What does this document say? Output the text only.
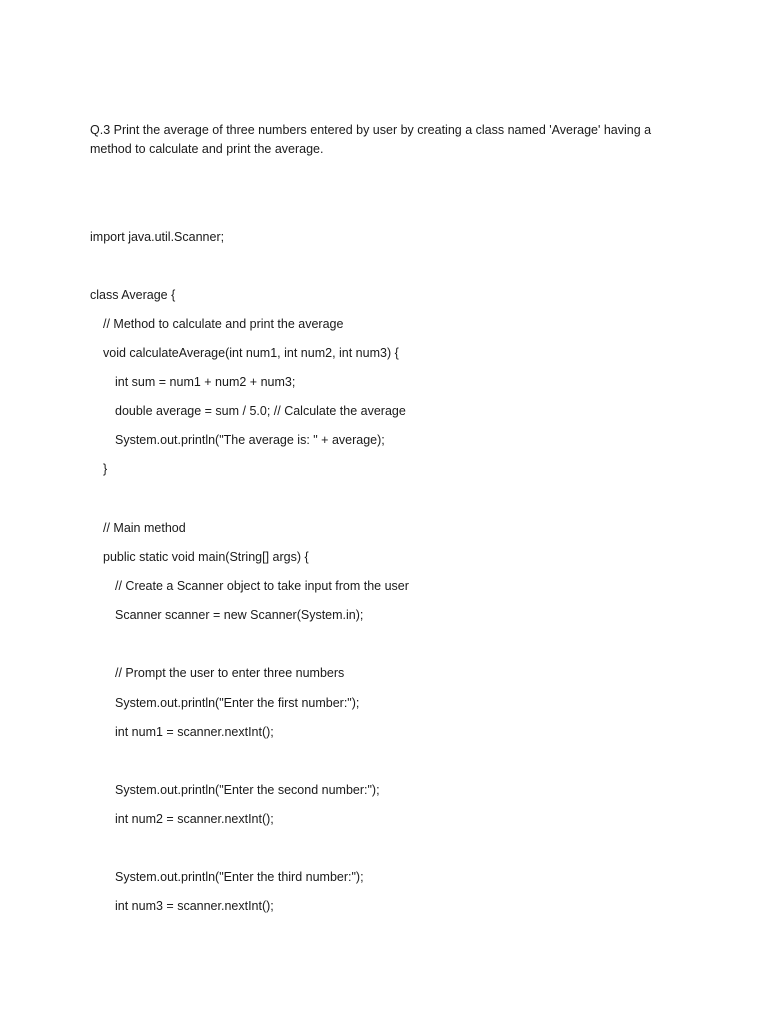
Q.3 Print the average of three numbers entered by user by creating a class named 'Average' having a method to calculate and print the average.

import java.util.Scanner;
class Average {
// Method to calculate and print the average
void calculateAverage(int num1, int num2, int num3) {
int sum = num1 + num2 + num3;
double average = sum / 5.0; // Calculate the average
System.out.println("The average is: " + average);
}
// Main method
public static void main(String[] args) {
// Create a Scanner object to take input from the user
Scanner scanner = new Scanner(System.in);
// Prompt the user to enter three numbers
System.out.println("Enter the first number:");
int num1 = scanner.nextInt();
System.out.println("Enter the second number:");
int num2 = scanner.nextInt();
System.out.println("Enter the third number:");
int num3 = scanner.nextInt();
